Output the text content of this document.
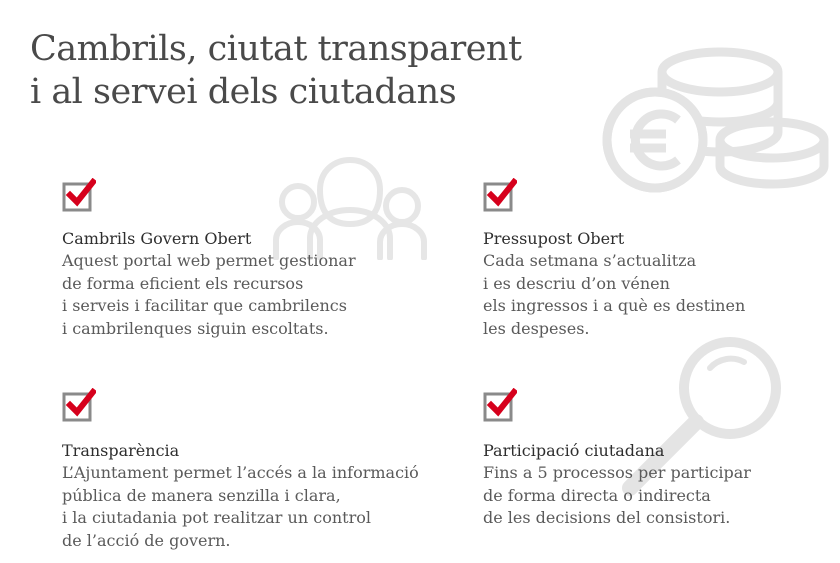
Cambrils, ciutat transparent
i al servei dels ciutadans
Cambrils Govern Obert
Aquest portal web permet gestionar
de forma eficient els recursos
i serveis i facilitar que cambrilencs
i cambrilenques siguin escoltats.
Pressupost Obert
Cada setmana s’actualitza
i es descriu d’on vénen
els ingressos i a què es destinen
les despeses.
Transparència
L’Ajuntament permet l’accés a la informació
pública de manera senzilla i clara,
i la ciutadania pot realitzar un control
de l’acció de govern.
Participació ciutadana
Fins a 5 processos per participar
de forma directa o indirecta
de les decisions del consistori.
